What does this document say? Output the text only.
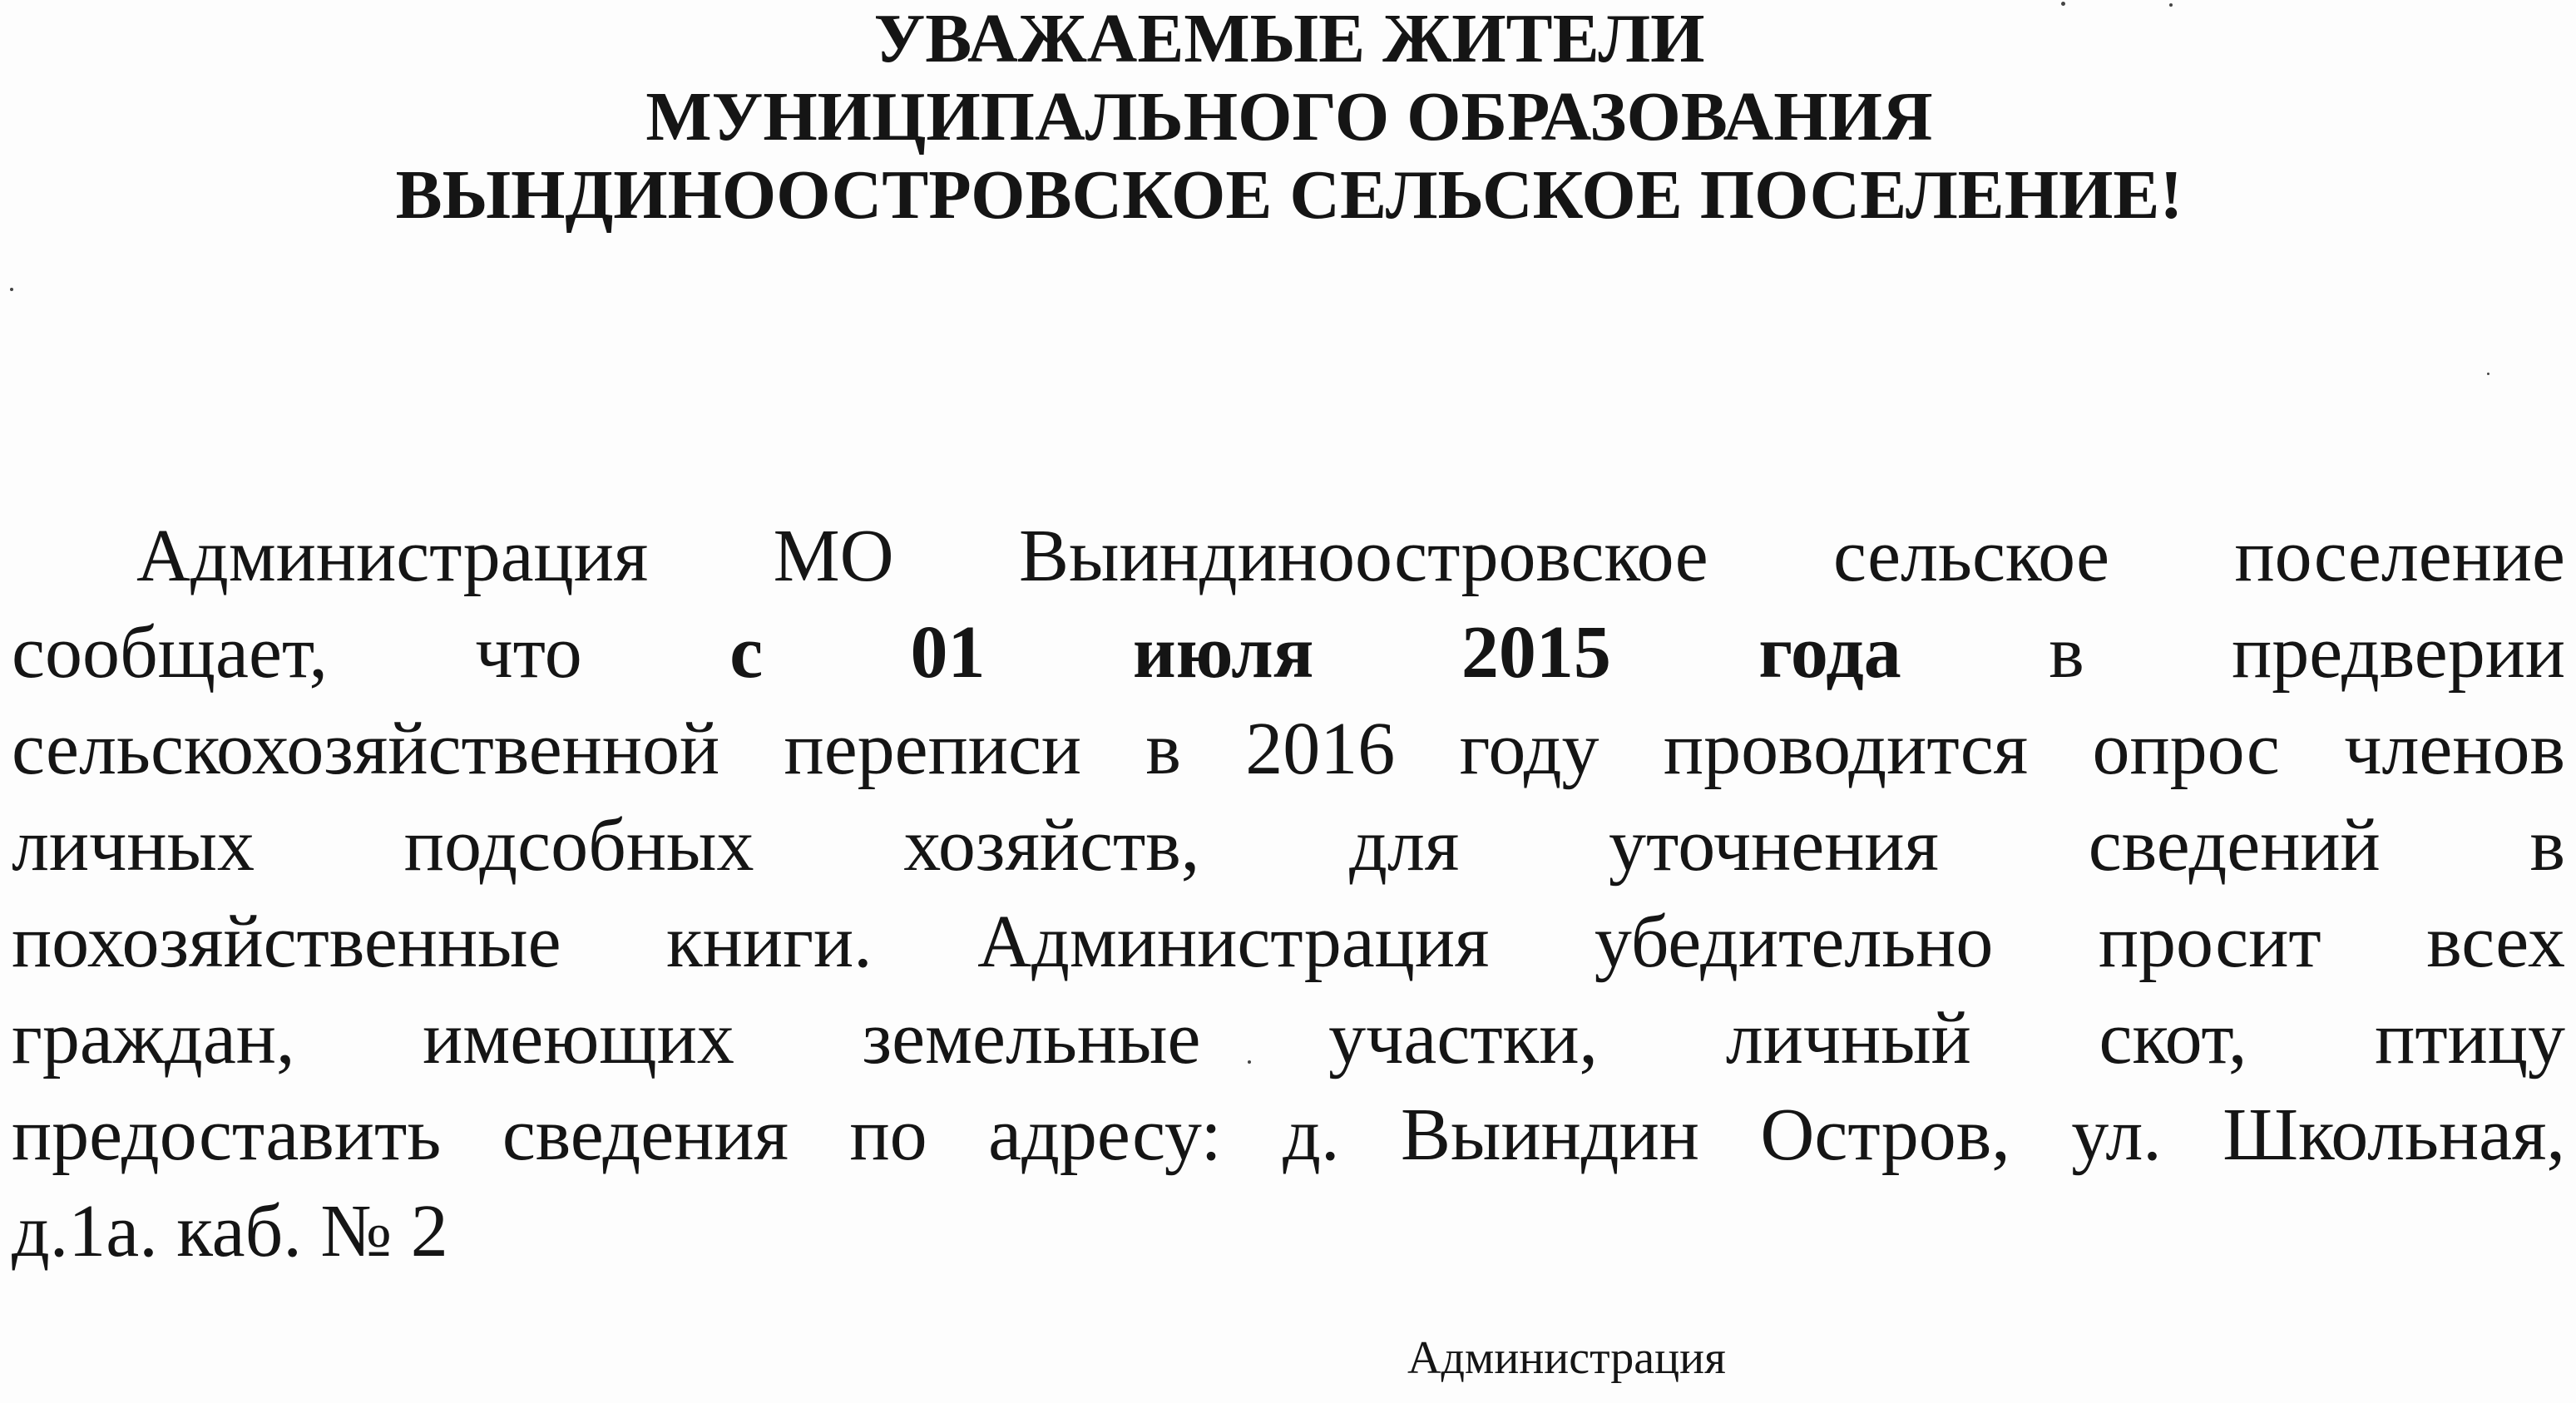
УВАЖАЕМЫЕ ЖИТЕЛИ
МУНИЦИПАЛЬНОГО ОБРАЗОВАНИЯ
ВЫНДИНООСТРОВСКОЕ СЕЛЬСКОЕ ПОСЕЛЕНИЕ!
Администрация МО Выиндиноостровское сельское поселение
сообщает, что с 01 июля 2015 года в предверии
сельскохозяйственной переписи в 2016 году проводится опрос членов
личных подсобных хозяйств, для уточнения сведений в
похозяйственные книги. Администрация убедительно просит всех
граждан, имеющих земельные участки, личный скот, птицу
предоставить сведения по адресу: д. Выиндин Остров, ул. Школьная,
д.1а. каб. № 2
Администрация
